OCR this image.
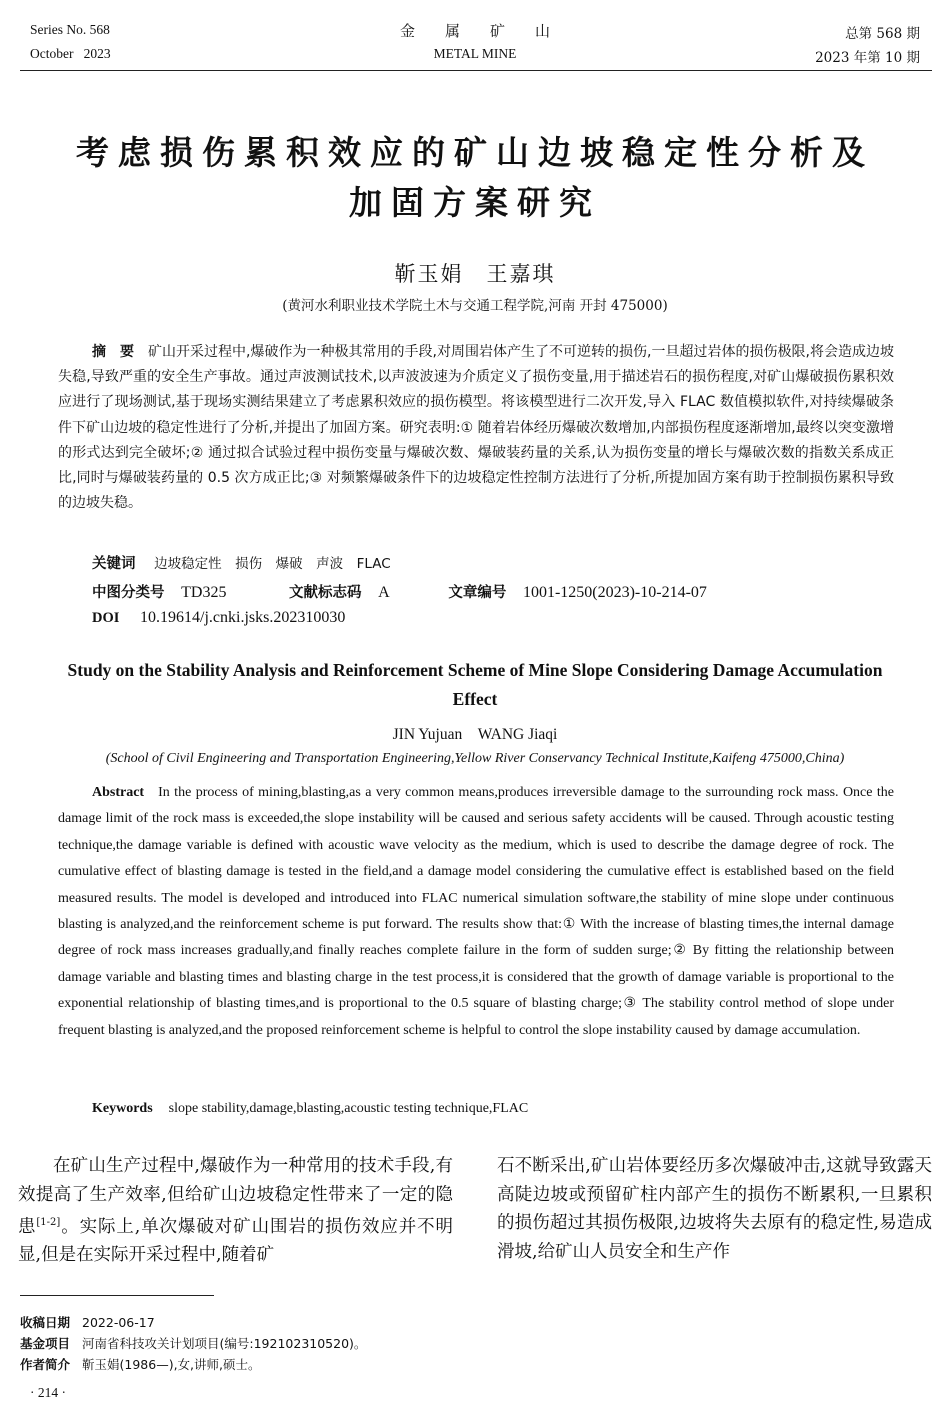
Series No. 568
October   2023
金　　属　　矿　　山
METAL MINE
总第 568 期
2023 年第 10 期
考虑损伤累积效应的矿山边坡稳定性分析及
加固方案研究
靳玉娟　王嘉琪
(黄河水利职业技术学院土木与交通工程学院,河南 开封 475000)
摘　要 矿山开采过程中,爆破作为一种极其常用的手段,对周围岩体产生了不可逆转的损伤,一旦超过岩体的损伤极限,将会造成边坡失稳,导致严重的安全生产事故。通过声波测试技术,以声波波速为介质定义了损伤变量,用于描述岩石的损伤程度,对矿山爆破损伤累积效应进行了现场测试,基于现场实测结果建立了考虑累积效应的损伤模型。将该模型进行二次开发,导入 FLAC 数值模拟软件,对持续爆破条件下矿山边坡的稳定性进行了分析,并提出了加固方案。研究表明:① 随着岩体经历爆破次数增加,内部损伤程度逐渐增加,最终以突变激增的形式达到完全破坏;② 通过拟合试验过程中损伤变量与爆破次数、爆破装药量的关系,认为损伤变量的增长与爆破次数的指数关系成正比,同时与爆破装药量的 0.5 次方成正比;③ 对频繁爆破条件下的边坡稳定性控制方法进行了分析,所提加固方案有助于控制损伤累积导致的边坡失稳。
关键词 边坡稳定性　损伤　爆破　声波　FLAC
中图分类号 TD325	文献标志码 A	文章编号 1001-1250(2023)-10-214-07
DOI 10.19614/j.cnki.jsks.202310030
Study on the Stability Analysis and Reinforcement Scheme of Mine Slope Considering Damage Accumulation Effect
JIN Yujuan　WANG Jiaqi
(School of Civil Engineering and Transportation Engineering,Yellow River Conservancy Technical Institute,Kaifeng 475000,China)
Abstract In the process of mining,blasting,as a very common means,produces irreversible damage to the surrounding rock mass. Once the damage limit of the rock mass is exceeded,the slope instability will be caused and serious safety accidents will be caused. Through acoustic testing technique,the damage variable is defined with acoustic wave velocity as the medium, which is used to describe the damage degree of rock. The cumulative effect of blasting damage is tested in the field,and a damage model considering the cumulative effect is established based on the field measured results. The model is developed and introduced into FLAC numerical simulation software,the stability of mine slope under continuous blasting is analyzed,and the reinforcement scheme is put forward. The results show that:① With the increase of blasting times,the internal damage degree of rock mass increases gradually,and finally reaches complete failure in the form of sudden surge;② By fitting the relationship between damage variable and blasting times and blasting charge in the test process,it is considered that the growth of damage variable is proportional to the exponential relationship of blasting times,and is proportional to the 0.5 square of blasting charge;③ The stability control method of slope under frequent blasting is analyzed,and the proposed reinforcement scheme is helpful to control the slope instability caused by damage accumulation.
Keywords slope stability,damage,blasting,acoustic testing technique,FLAC
在矿山生产过程中,爆破作为一种常用的技术手段,有效提高了生产效率,但给矿山边坡稳定性带来了一定的隐患[1-2]。实际上,单次爆破对矿山围岩的损伤效应并不明显,但是在实际开采过程中,随着矿
石不断采出,矿山岩体要经历多次爆破冲击,这就导致露天高陡边坡或预留矿柱内部产生的损伤不断累积,一旦累积的损伤超过其损伤极限,边坡将失去原有的稳定性,易造成滑坡,给矿山人员安全和生产作
收稿日期 2022-06-17
基金项目 河南省科技攻关计划项目(编号:192102310520)。
作者简介 靳玉娟(1986—),女,讲师,硕士。
· 214 ·
